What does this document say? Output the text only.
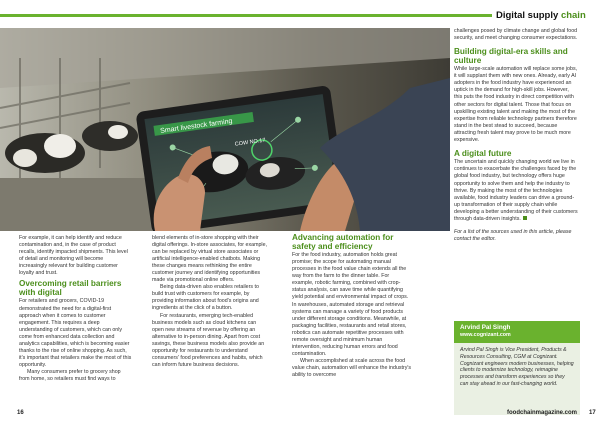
Digital supply chain
Smart livestock farming
COW NO.17

For example, it can help identify and reduce contamination and, in the case of product recalls, identify impacted shipments. This level of detail and monitoring will become increasingly relevant for building customer loyalty and trust.

Overcoming retail barriers with digital

For retailers and grocers, COVID-19 demonstrated the need for a digital-first approach when it comes to customer engagement. This requires a deep understanding of customers, which can only come from enhanced data collection and analytics capabilities, which is becoming easier thanks to the rise of online shopping. As such, it's important that retailers make the most of this opportunity.

Many consumers prefer to grocery shop from home, so retailers must find ways to

blend elements of in-store shopping with their digital offerings. In-store associates, for example, can be replaced by virtual store associates or artificial intelligence-enabled chatbots. Making these changes means rethinking the entire customer journey and identifying opportunities made via promotional online offers.

Being data-driven also enables retailers to build trust with customers for example, by providing information about food's origins and ingredients at the click of a button.

For restaurants, emerging tech-enabled business models such as cloud kitchens can open new streams of revenue by offering an alternative to in-person dining. Apart from cost savings, these business models also provide an opportunity for restaurants to understand consumers' food preferences and habits, which can inform future business decisions.

Advancing automation for safety and efficiency

For the food industry, automation holds great promise; the scope for automating manual processes in the food value chain extends all the way from the farm to the dinner table. For example, robotic farming, combined with crop-status analysis, can save time while quantifying yield potential and environmental impact of crops. In warehouses, automated storage and retrieval systems can manage a variety of food products under different storage conditions. Meanwhile, at packaging facilities, restaurants and retail stores, robotics can automate repetitive processes with remote oversight and minimum human intervention, reducing human errors and food contamination.

When accomplished at scale across the food value chain, automation will enhance the industry's ability to overcome

challenges posed by climate change and global food security, and meet changing consumer expectations.

Building digital-era skills and culture

While large-scale automation will replace some jobs, it will supplant them with new ones. Already, early AI adopters in the food industry have experienced an uptick in the demand for high-skill jobs. However, this puts the food industry in direct competition with other sectors for digital talent. Those that focus on upskilling existing talent and making the most of the expertise from reliable technology partners therefore stand in the best stead to succeed, because attracting fresh talent may prove to be much more expensive.

A digital future

The uncertain and quickly changing world we live in continues to exacerbate the challenges faced by the global food industry, but technology offers huge opportunity to solve them and help the industry to thrive. By making the most of the technologies available, food industry leaders can drive a ground-up transformation of their supply chain while developing a better understanding of their customers through data-driven insights.

For a list of the sources used in this article, please contact the editor.

Arvind Pal Singh
www.cognizant.com
Arvind Pal Singh is Vice President, Products & Resources Consulting, CGM at Cognizant. Cognizant engineers modern businesses, helping clients to modernize technology, reimagine processes and transform experiences so they can stay ahead in our fast-changing world.
16	foodchainmagazine.com 17
